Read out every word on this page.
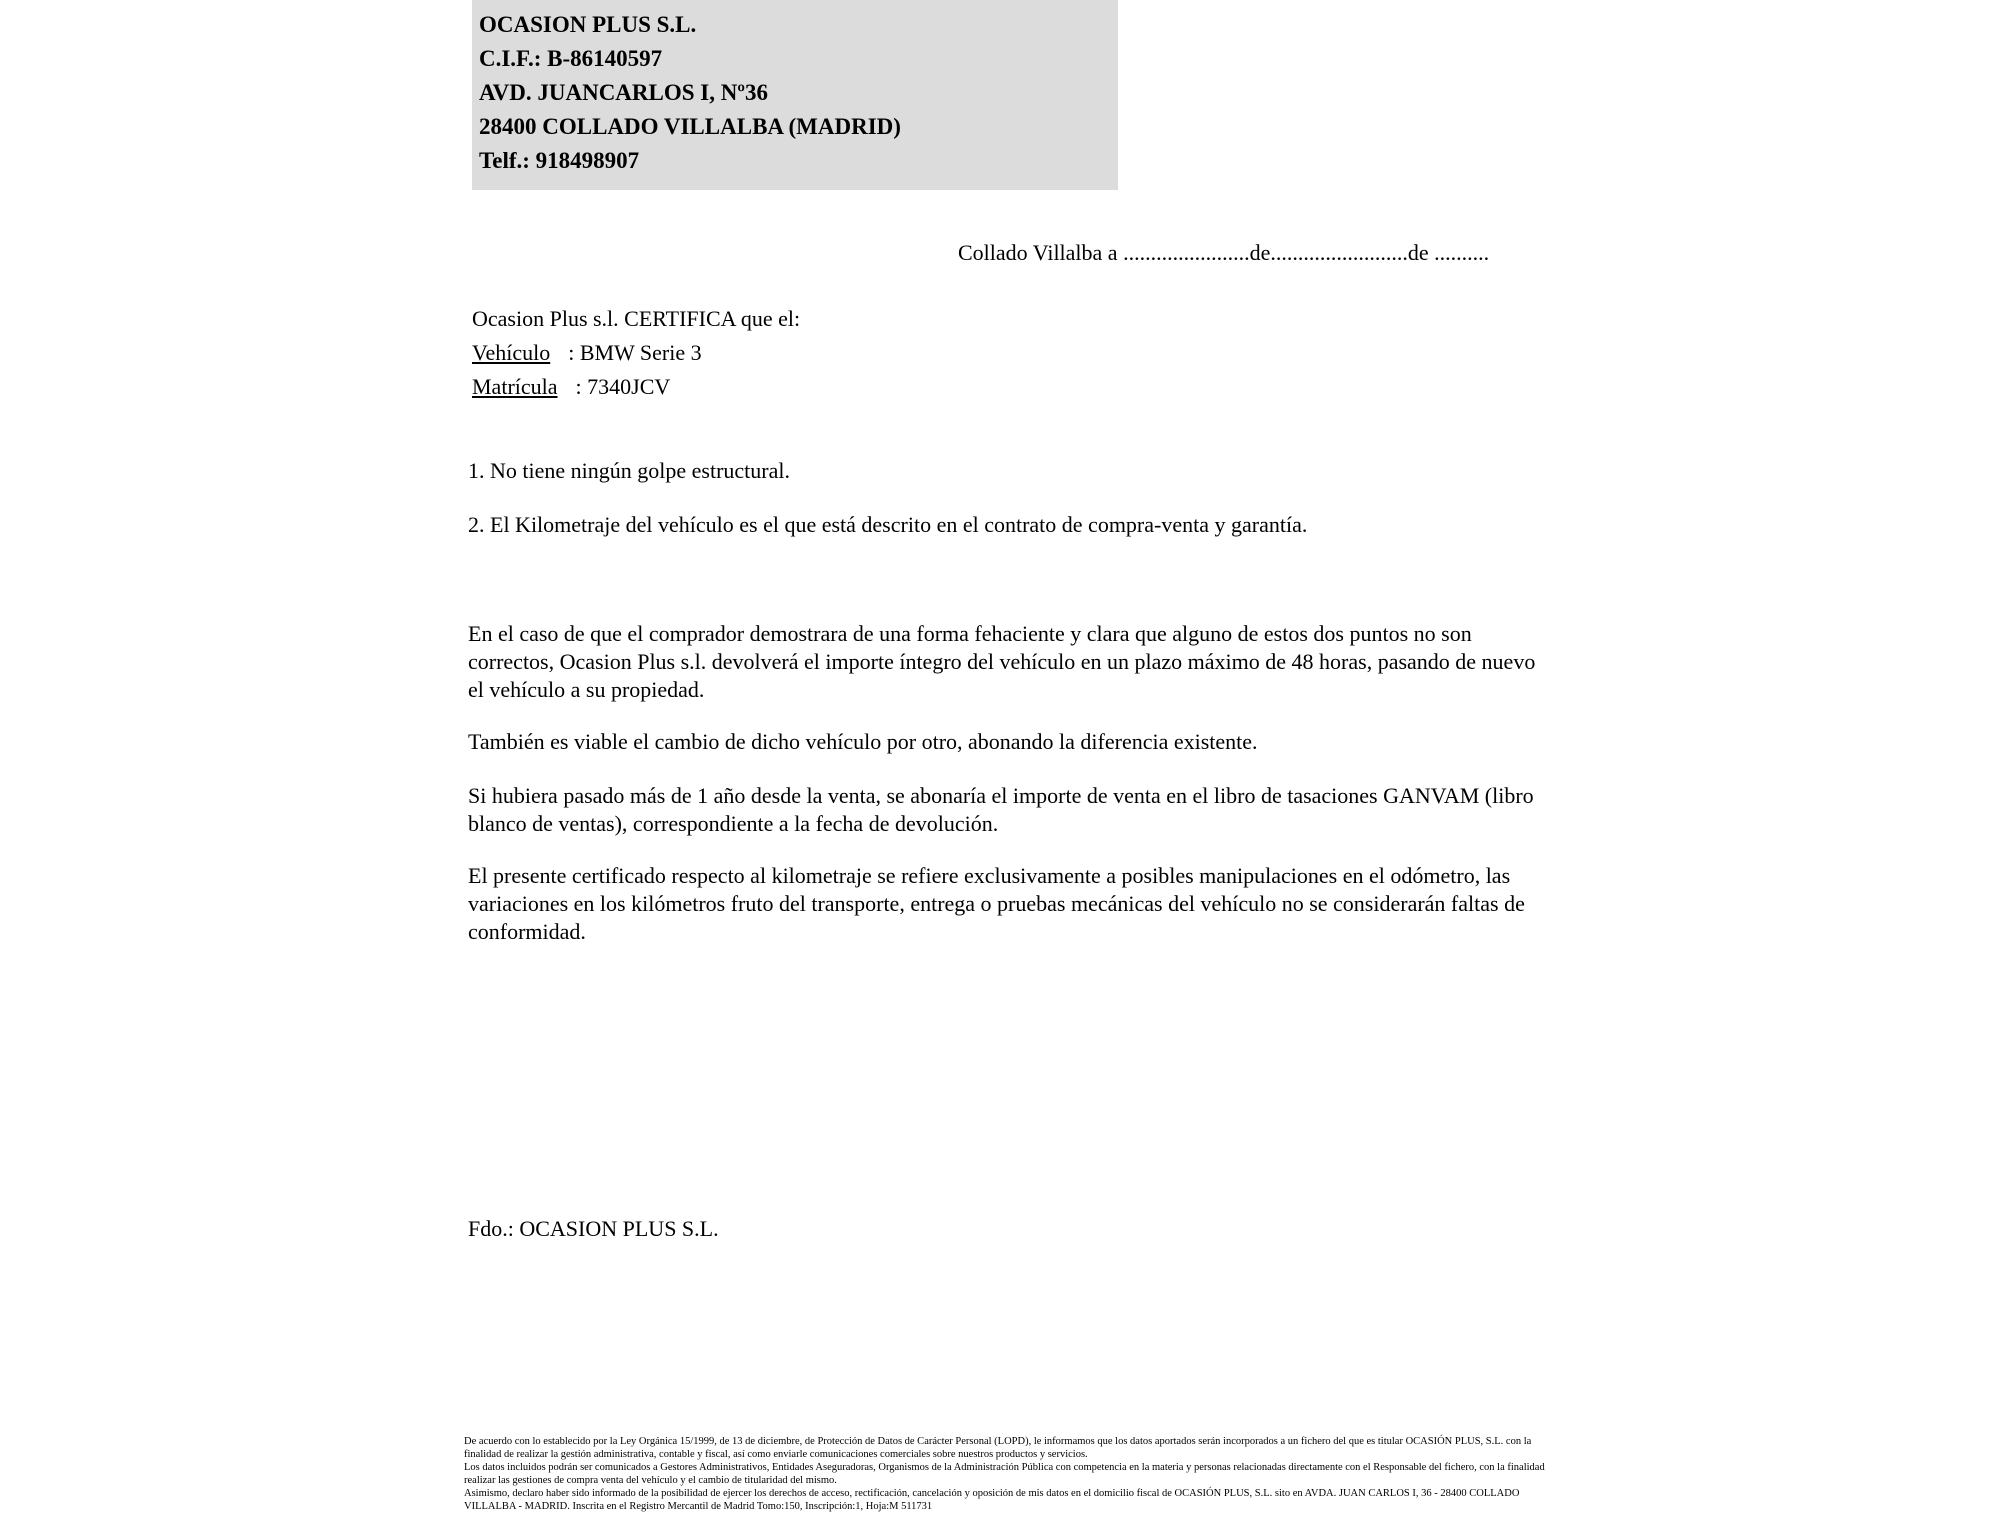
OCASION PLUS S.L.
C.I.F.: B-86140597
AVD. JUANCARLOS I, Nº36
28400 COLLADO VILLALBA (MADRID)
Telf.: 918498907
Collado Villalba a .......................de.........................de ..........
Ocasion Plus s.l. CERTIFICA que el:
Vehículo : BMW Serie 3
Matrícula : 7340JCV
1. No tiene ningún golpe estructural.
2. El Kilometraje del vehículo es el que está descrito en el contrato de compra-venta y garantía.
En el caso de que el comprador demostrara de una forma fehaciente y clara que alguno de estos dos puntos no son correctos, Ocasion Plus s.l. devolverá el importe íntegro del vehículo en un plazo máximo de 48 horas, pasando de nuevo el vehículo a su propiedad.
También es viable el cambio de dicho vehículo por otro, abonando la diferencia existente.
Si hubiera pasado más de 1 año desde la venta, se abonaría el importe de venta en el libro de tasaciones GANVAM (libro blanco de ventas), correspondiente a la fecha de devolución.
El presente certificado respecto al kilometraje se refiere exclusivamente a posibles manipulaciones en el odómetro, las variaciones en los kilómetros fruto del transporte, entrega o pruebas mecánicas del vehículo no se considerarán faltas de conformidad.
Fdo.: OCASION PLUS S.L.

De acuerdo con lo establecido por la Ley Orgánica 15/1999, de 13 de diciembre, de Protección de Datos de Carácter Personal (LOPD), le informamos que los datos aportados serán incorporados a un fichero del que es titular OCASIÓN PLUS, S.L. con la finalidad de realizar la gestión administrativa, contable y fiscal, así como enviarle comunicaciones comerciales sobre nuestros productos y servicios.

Los datos incluidos podrán ser comunicados a Gestores Administrativos, Entidades Aseguradoras, Organismos de la Administración Pública con competencia en la materia y personas relacionadas directamente con el Responsable del fichero, con la finalidad realizar las gestiones de compra venta del vehículo y el cambio de titularidad del mismo.

Asimismo, declaro haber sido informado de la posibilidad de ejercer los derechos de acceso, rectificación, cancelación y oposición de mis datos en el domicilio fiscal de OCASIÓN PLUS, S.L. sito en AVDA. JUAN CARLOS I, 36 - 28400 COLLADO VILLALBA - MADRID. Inscrita en el Registro Mercantil de Madrid Tomo:150, Inscripción:1, Hoja:M 511731
